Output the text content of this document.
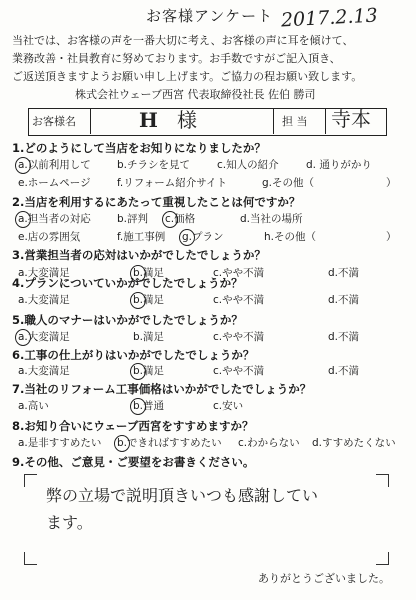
お客様アンケート 2017.2.13
当社では、お客様の声を一番大切に考え、お客様の声に耳を傾けて、
業務改善・社員教育に努めております。お手数ですがご記入頂き、
ご返送頂きますようお願い申し上げます。ご協力の程お願い致します。
株式会社ウェーブ西宮 代表取締役社長 佐伯 勝司
お客様名	H 様	担 当 寺本
1.どのようにして当店をお知りになりましたか？
a.以前利用して b.チラシを見て	c.知人の紹介	d. 通りがかり
e.ホームページ	f.リフォーム紹介サイト	g.その他（	）
2.当店を利用するにあたって重視したことは何ですか？
a.担当者の対応 b.評判 c.価格	d.当社の場所
e.店の雰囲気	f.施工事例 g.プラン	h.その他（	）
3.営業担当者の応対はいかがでしたでしょうか？
a.大変満足	b.満足	c.やや不満	d.不満
4.プランについていかがでしたでしょうか？
a.大変満足	b.満足	c.やや不満	d.不満
5.職人のマナーはいかがでしたでしょうか？
a.大変満足	b.満足	c.やや不満	d.不満
6.工事の仕上がりはいかがでしたでしょうか？
a.大変満足	b.満足	c.やや不満	d.不満
7.当社のリフォーム工事価格はいかがでしたでしょうか？
a.高い	b.普通	c.安い
8.お知り合いにウェーブ西宮をすすめますか？
a.是非すすめたい b.できればすすめたい c.わからない d.すすめたくない
9.その他、ご意見・ご要望をお書きください。
弊の立場で説明頂きいつも感謝してい
ます。
ありがとうございました。
